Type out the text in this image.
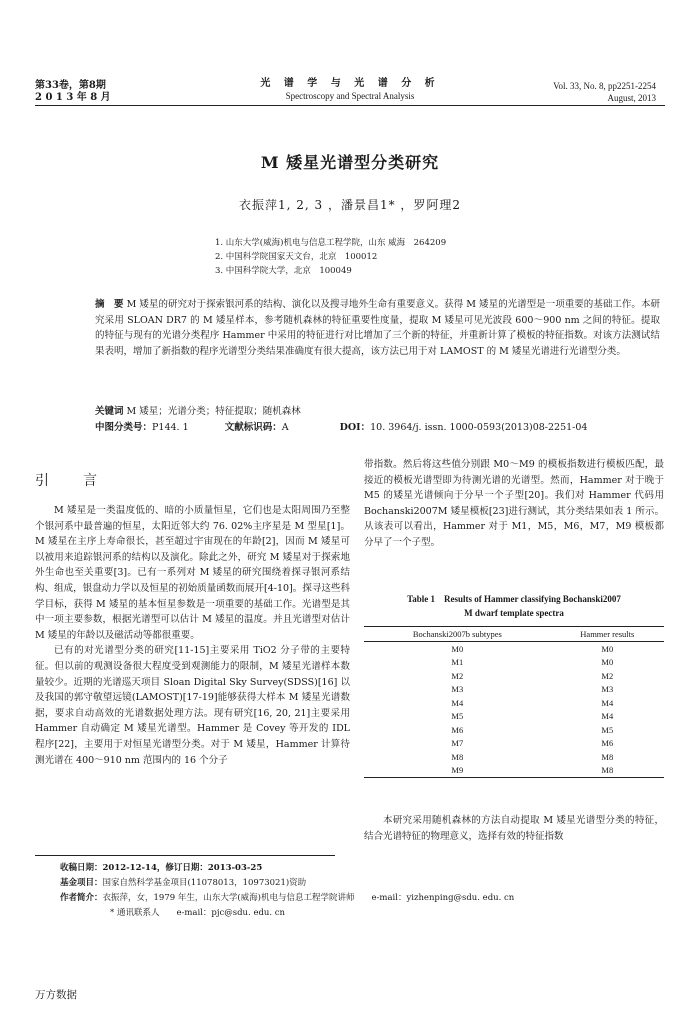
第33卷，第8期
2 0 1 3 年 8 月
光 谱 学 与 光 谱 分 析
Spectroscopy and Spectral Analysis
Vol. 33, No. 8, pp2251-2254
August, 2013
M 矮星光谱型分类研究
衣振萍1, 2, 3 ，潘景昌1* ，罗阿理2
1. 山东大学(威海)机电与信息工程学院，山东 威海　264209
2. 中国科学院国家天文台，北京　100012
3. 中国科学院大学，北京　100049
摘　要 M 矮星的研究对于探索银河系的结构、演化以及搜寻地外生命有重要意义。获得 M 矮星的光谱型是一项重要的基础工作。本研究采用 SLOAN DR7 的 M 矮星样本，参考随机森林的特征重要性度量，提取 M 矮星可见光波段 600～900 nm 之间的特征。提取的特征与现有的光谱分类程序 Hammer 中采用的特征进行对比增加了三个新的特征，并重新计算了模板的特征指数。对该方法测试结果表明，增加了新指数的程序光谱型分类结果准确度有很大提高，该方法已用于对 LAMOST 的 M 矮星光谱进行光谱型分类。
关键词 M 矮星；光谱分类；特征提取；随机森林
中图分类号：P144. 1	文献标识码：A	DOI：10. 3964/j. issn. 1000-0593(2013)08-2251-04
引　言

M 矮星是一类温度低的、暗的小质量恒星，它们也是太阳周围乃至整个银河系中最普遍的恒星，太阳近邻大约 76. 02%主序星是 M 型星[1]。M 矮星在主序上寿命很长，甚至超过宇宙现在的年龄[2]，因而 M 矮星可以被用来追踪银河系的结构以及演化。除此之外，研究 M 矮星对于探索地外生命也至关重要[3]。已有一系列对 M 矮星的研究围绕着探寻银河系结构、组成，银盘动力学以及恒星的初始质量函数而展开[4-10]。探寻这些科学目标，获得 M 矮星的基本恒星参数是一项重要的基础工作。光谱型是其中一项主要参数，根据光谱型可以估计 M 矮星的温度。并且光谱型对估计 M 矮星的年龄以及磁活动等都很重要。

已有的对光谱型分类的研究[11-15]主要采用 TiO2 分子带的主要特征。但以前的观测设备很大程度受到观测能力的限制，M 矮星光谱样本数量较少。近期的光谱巡天项目 Sloan Digital Sky Survey(SDSS)[16] 以及我国的郭守敬望远镜(LAMOST)[17-19]能够获得大样本 M 矮星光谱数据，要求自动高效的光谱数据处理方法。现有研究[16, 20, 21]主要采用 Hammer 自动确定 M 矮星光谱型。Hammer 是 Covey 等开发的 IDL 程序[22]，主要用于对恒星光谱型分类。对于 M 矮星，Hammer 计算待测光谱在 400～910 nm 范围内的 16 个分子

带指数。然后将这些值分别跟 M0～M9 的模板指数进行模板匹配，最接近的模板光谱型即为待测光谱的光谱型。然而，Hammer 对于晚于 M5 的矮星光谱倾向于分早一个子型[20]。我们对 Hammer 代码用 Bochanski2007M 矮星模板[23]进行测试，其分类结果如表 1 所示。从该表可以看出，Hammer 对于 M1，M5，M6，M7，M9 模板都分早了一个子型。

Table 1　Results of Hammer classifying Bochanski2007
M dwarf template spectra
Bochanski2007b subtypes	Hammer results
M0	M0
M1	M0
M2	M2
M3	M3
M4	M4
M5	M4
M6	M5
M7	M6
M8	M8
M9	M8

本研究采用随机森林的方法自动提取 M 矮星光谱型分类的特征，结合光谱特征的物理意义，选择有效的特征指数

收稿日期：2012-12-14，修订日期：2013-03-25
基金项目：国家自然科学基金项目(11078013，10973021)资助
作者简介：衣振萍，女，1979 年生，山东大学(威海)机电与信息工程学院讲师　　e-mail：yizhenping@sdu. edu. cn
* 通讯联系人　　e-mail：pjc@sdu. edu. cn
万方数据
